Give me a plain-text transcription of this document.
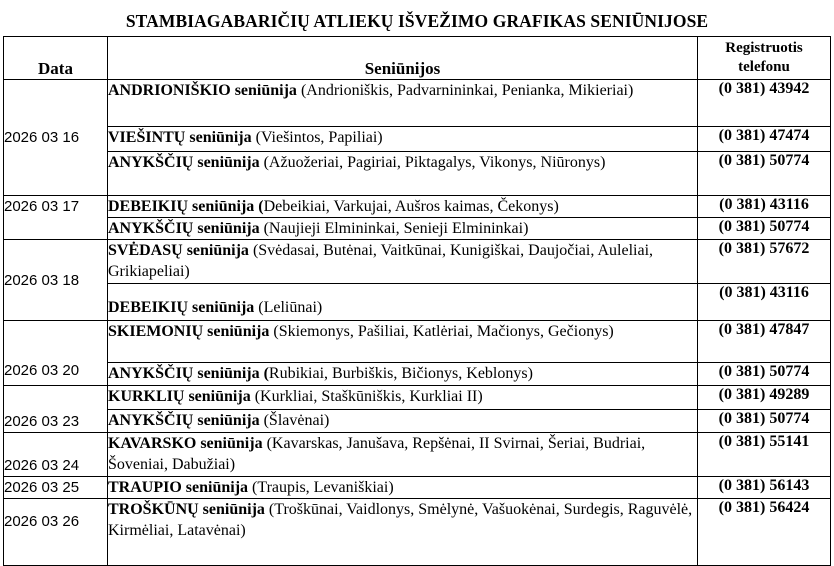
STAMBIAGABARIČIŲ ATLIEKŲ IŠVEŽIMO GRAFIKAS SENIŪNIJOSE
Data	Seniūnijos	Registruotis
telefonu
2026 03 16	ANDRIONIŠKIO seniūnija (Andrioniškis, Padvarnininkai, Penianka, Mikieriai)	(0 381) 43942
	VIEŠINTŲ seniūnija (Viešintos, Papiliai)	(0 381) 47474
	ANYKŠČIŲ seniūnija (Ažuožeriai, Pagiriai, Piktagalys, Vikonys, Niūronys)	(0 381) 50774
2026 03 17	DEBEIKIŲ seniūnija (Debeikiai, Varkujai, Aušros kaimas, Čekonys)	(0 381) 43116
	ANYKŠČIŲ seniūnija (Naujieji Elmininkai, Senieji Elmininkai)	(0 381) 50774
2026 03 18	SVĖDASŲ seniūnija (Svėdasai, Butėnai, Vaitkūnai, Kunigiškai, Daujočiai, Auleliai, Grikiapeliai)	(0 381) 57672
	DEBEIKIŲ seniūnija (Leliūnai)	(0 381) 43116
2026 03 20	SKIEMONIŲ seniūnija (Skiemonys, Pašiliai, Katlėriai, Mačionys, Gečionys)	(0 381) 47847
	ANYKŠČIŲ seniūnija (Rubikiai, Burbiškis, Bičionys, Keblonys)	(0 381) 50774
2026 03 23	KURKLIŲ seniūnija (Kurkliai, Staškūniškis, Kurkliai II)	(0 381) 49289
	ANYKŠČIŲ seniūnija (Šlavėnai)	(0 381) 50774
2026 03 24	KAVARSKO seniūnija (Kavarskas, Janušava, Repšėnai, II Svirnai, Šeriai, Budriai, Šoveniai, Dabužiai)	(0 381) 55141
2026 03 25	TRAUPIO seniūnija (Traupis, Levaniškiai)	(0 381) 56143
2026 03 26	TROŠKŪNŲ seniūnija (Troškūnai, Vaidlonys, Smėlynė, Vašuokėnai, Surdegis, Raguvėlė, Kirmėliai, Latavėnai)	(0 381) 56424
